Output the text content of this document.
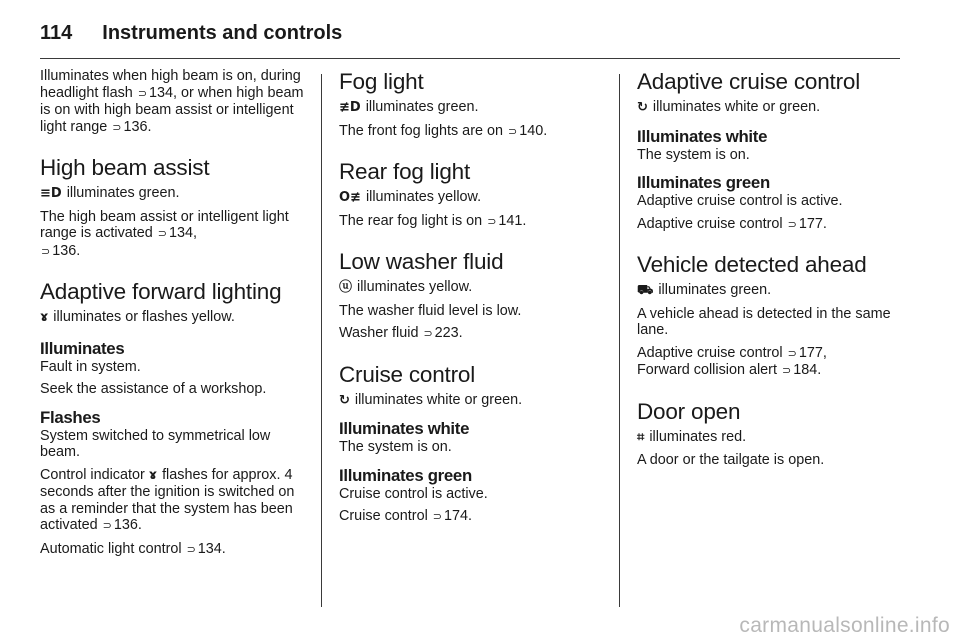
114 Instruments and controls

Illuminates when high beam is on, during headlight flash ⊃ 134, or when high beam is on with high beam assist or intelligent light range ⊃ 136.

High beam assist

≡D illuminates green.

The high beam assist or intelligent light range is activated ⊃ 134,
⊃ 136.

Adaptive forward lighting

ɤ illuminates or flashes yellow.

Illuminates

Fault in system.

Seek the assistance of a workshop.

Flashes

System switched to symmetrical low beam.

Control indicator ɤ flashes for approx. 4 seconds after the ignition is switched on as a reminder that the system has been activated ⊃ 136.

Automatic light control ⊃ 134.

Fog light

≢D illuminates green.

The front fog lights are on ⊃ 140.

Rear fog light

O≢ illuminates yellow.

The rear fog light is on ⊃ 141.

Low washer fluid

ⓤ illuminates yellow.

The washer fluid level is low.

Washer fluid ⊃ 223.

Cruise control

↻ illuminates white or green.

Illuminates white

The system is on.

Illuminates green

Cruise control is active.

Cruise control ⊃ 174.

Adaptive cruise control

↻ illuminates white or green.

Illuminates white

The system is on.

Illuminates green

Adaptive cruise control is active.

Adaptive cruise control ⊃ 177.

Vehicle detected ahead

⛟ illuminates green.

A vehicle ahead is detected in the same lane.

Adaptive cruise control ⊃ 177,
Forward collision alert ⊃ 184.

Door open

⌗ illuminates red.

A door or the tailgate is open.

carmanualsonline.info
